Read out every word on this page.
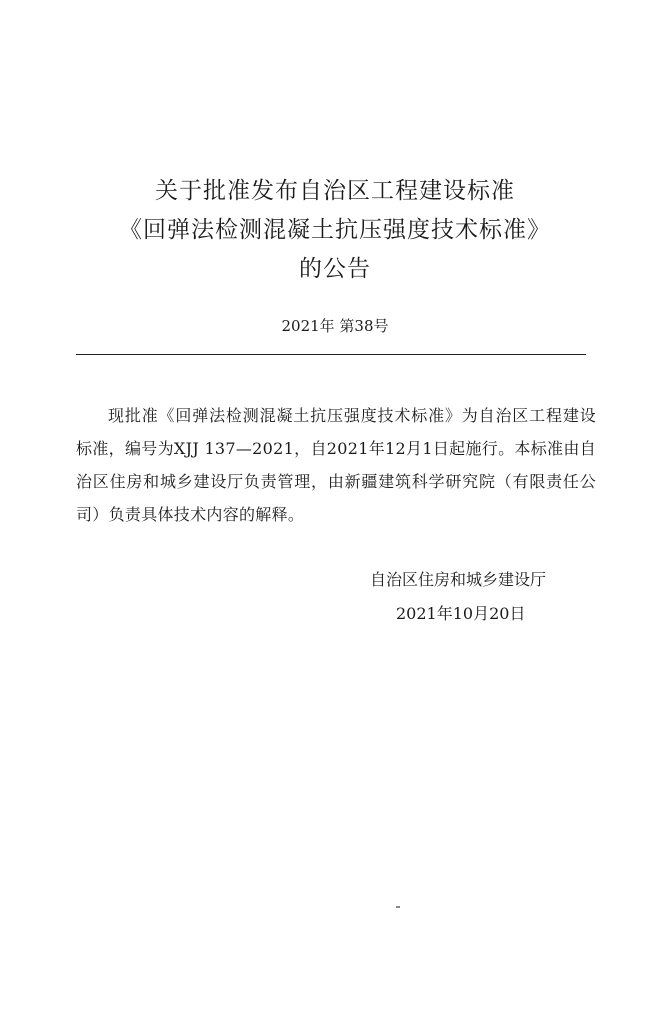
关于批准发布自治区工程建设标准
《回弹法检测混凝土抗压强度技术标准》
的公告
2021年 第38号
现批准《回弹法检测混凝土抗压强度技术标准》为自治区工程建设标准，编号为XJJ 137—2021，自2021年12月1日起施行。本标准由自治区住房和城乡建设厅负责管理，由新疆建筑科学研究院（有限责任公司）负责具体技术内容的解释。
自治区住房和城乡建设厅
2021年10月20日
